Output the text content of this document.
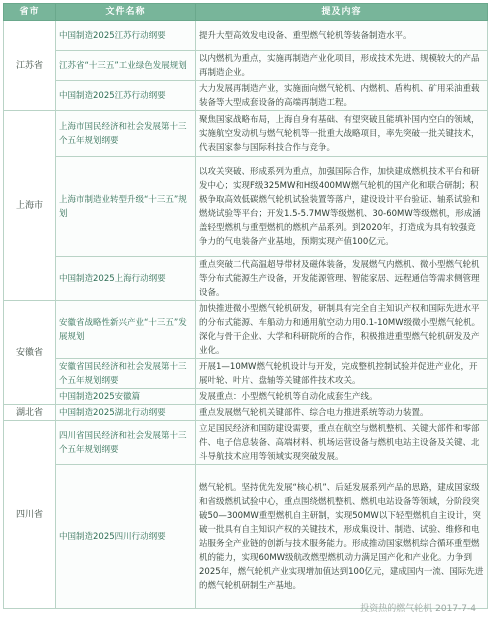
省市	文件名称	提及内容
江苏省	中国制造2025江苏行动纲要	提升大型高效发电设备、重型燃气轮机等装备制造水平。
	江苏省“十三五”工业绿色发展规划	以内燃机为重点，实施再制造产业化项目，形成技术先进、规模较大的产品再制造企业。
	中国制造2025江苏行动纲要	大力发展再制造产业，实施面向燃气轮机、内燃机、盾构机、矿用采油重载装备等大型成套设备的高端再制造工程。
上海市	上海市国民经济和社会发展第十三个五年规划纲要	聚焦国家战略布局，上海自身有基础、有望突破且能填补国内空白的领域，实施航空发动机与燃气轮机等一批重大战略项目，率先突破一批关键技术，代表国家参与国际科技合作与竞争。
	上海市制造业转型升级“十三五”规划	以攻关突破、形成系列为重点，加强国际合作，加快建成燃机技术平台和研发中心；实现F级325MW和H级400MW燃气轮机的国产化和联合研制；积极争取高效低碳燃气轮机试验装置等落户，建设设计平台验证、轴系试验和燃烧试验等平台；开发1.5-5.7MW等级燃机、30-60MW等级燃机，形成涵盖轻型燃机与重型燃机的燃机产品系列。到2020年，打造成为具有较强竞争力的气电装备产业基地，预期实现产值100亿元。
	中国制造2025上海行动纲要	重点突破二代高温超导带材及磁体装备，发展燃气内燃机、微小型燃气轮机等分布式能源生产设备，开发能源管理、智能家居、远程通信等需求侧管理设备。
安徽省	安徽省战略性新兴产业“十三五”发展规划	加快推进微小型燃气轮机研发，研制具有完全自主知识产权和国际先进水平的分布式能源、车船动力和通用航空动力用0.1-10MW级微小型燃气轮机。深化与骨干企业、大学和科研院所的合作，积极推进重型燃气轮机研发及产业化。
	安徽省国民经济和社会发展第十三个五年规划纲要	开展1—10MW燃气轮机设计与开发，完成整机控制试验并促进产业化，开展叶轮、叶片、盘轴等关键部件技术攻关。
	中国制造2025安徽篇	发展重点：小型燃气轮机等自动化成套生产线。
湖北省	中国制造2025湖北行动纲要	重点发展燃气轮机关键部件、综合电力推进系统等动力装置。
四川省	四川省国民经济和社会发展第十三个五年规划纲要	立足国民经济和国防建设需要，重点在航空与燃机整机、关键大部件和零部件、电子信息装备、高端材料、机场运营设备与燃机电站主设备及关键、北斗导航技术应用等领域实现突破发展。
	中国制造2025四川行动纲要	燃气轮机。坚持优先发展“核心机”、后延发展系列产品的思路，建成国家级和省级燃机试验中心，重点围绕燃机整机、燃机电站设备等领域，分阶段突破50—300MW重型燃机自主研制，实现50MW以下轻型燃机自主设计，突破一批具有自主知识产权的关键技术，形成集设计、制造、试验、维修和电站服务全产业链的创新与技术服务能力。形成推动国家燃机综合循环重型燃机的能力，实现60MW级航改燃型燃机动力满足国产化和产业化。力争到2025年，燃气轮机产业实现增加值达到100亿元，建成国内一流、国际先进的燃气轮机研制生产基地。
投资热的燃气轮机 2017-7-4
